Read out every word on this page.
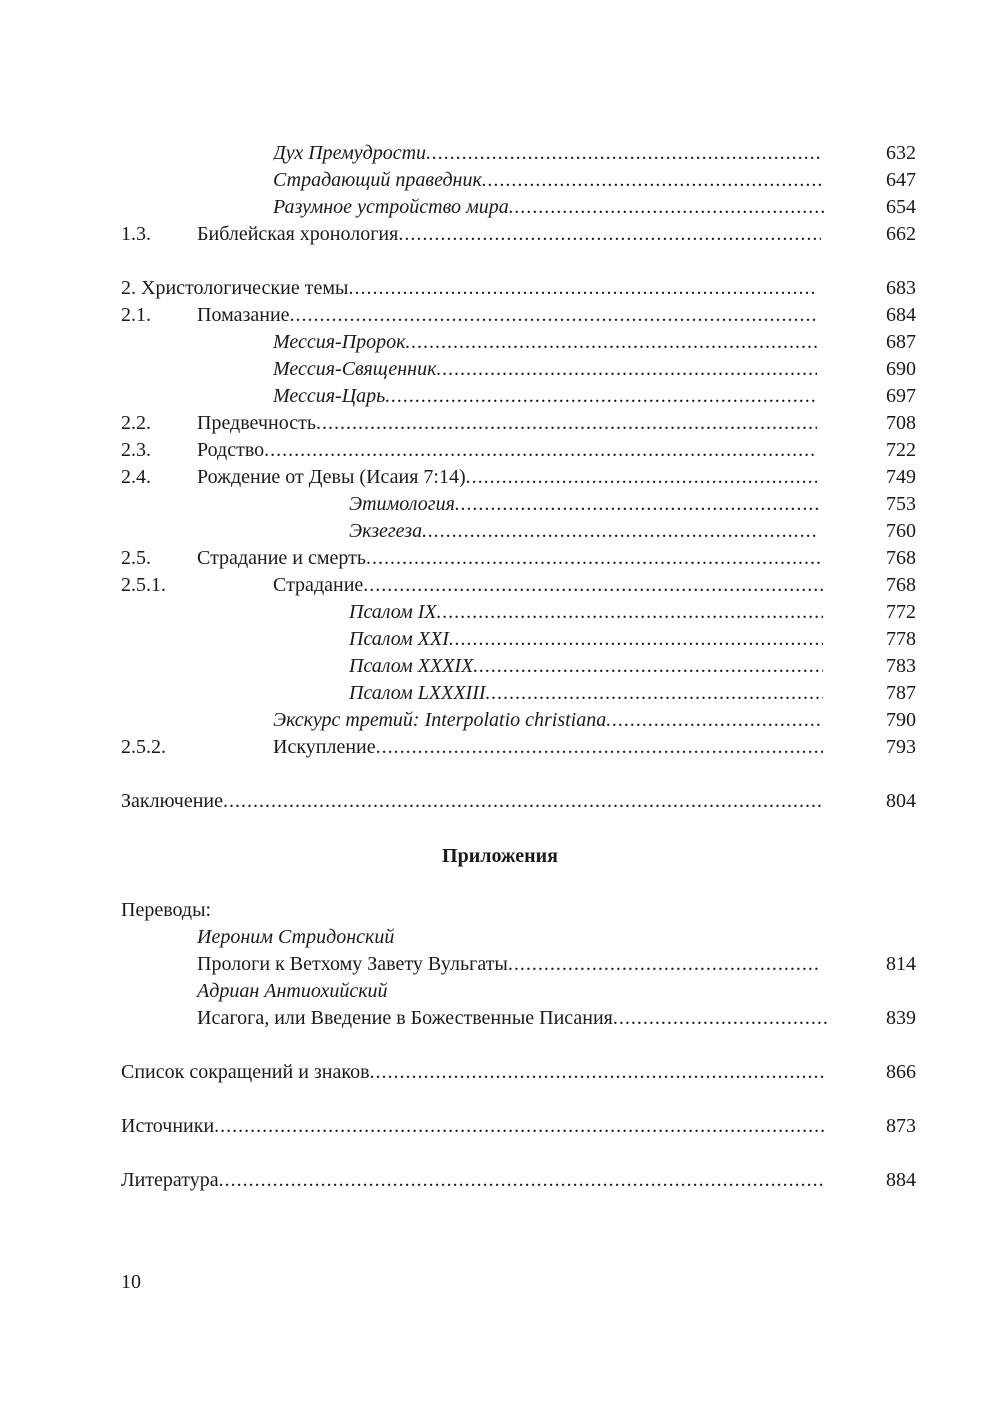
Дух Премудрости .....	632
Страдающий праведник .....	647
Разумное устройство мира .....	654
1.3. Библейская хронология .....	662
2. Христологические темы .....	683
2.1. Помазание .....	684
Мессия-Пророк .....	687
Мессия-Священник .....	690
Мессия-Царь .....	697
2.2. Предвечность .....	708
2.3. Родство .....	722
2.4. Рождение от Девы (Исаия 7:14) .....	749
Этимология .....	753
Экзегеза .....	760
2.5. Страдание и смерть .....	768
2.5.1.	Страдание .....	768
Псалом IX .....	772
Псалом XXI .....	778
Псалом XXXIX .....	783
Псалом LXXXIII .....	787
Экскурс третий: Interpolatio christiana .....	790
2.5.2.	Искупление .....	793
Заключение .....	804
Приложения
Переводы:
Иероним Стридонский
Прологи к Ветхому Завету Вульгаты .....	814
Адриан Антиохийский
Исагога, или Введение в Божественные Писания .....	839
Список сокращений и знаков .....	866
Источники .....	873
Литература .....	884
10
